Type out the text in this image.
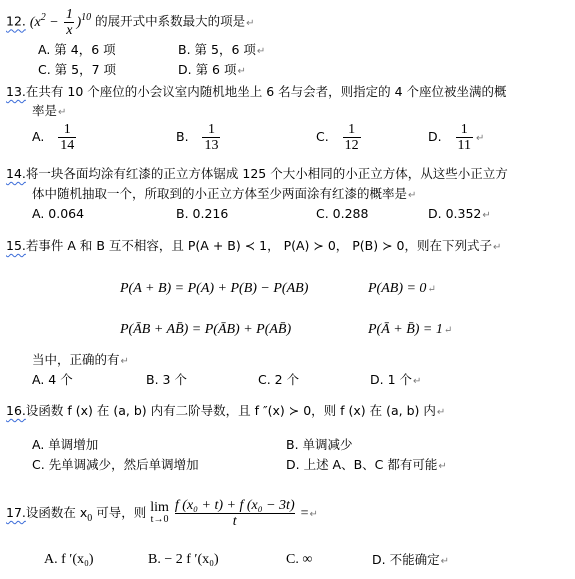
12. $(x^2 - \frac{1}{x} )^{10}$ 的展开式中系数最大的项是↵
A. 第 4，6 项	B. 第 5，6 项↵
C. 第 5，7 项	D. 第 6 项↵
13.在共有 10 个座位的小会议室内随机地坐上 6 名与会者，则指定的 4 个座位被坐满的概
率是↵
A. $\frac{1}{14}$	B. $\frac{1}{13}$	C. $\frac{1}{12}$	D. $\frac{1}{11}$ ↵
14.将一块各面均涂有红漆的正立方体锯成 125 个大小相同的小正立方体，从这些小正立方
体中随机抽取一个，所取到的小正立方体至少两面涂有红漆的概率是↵
A. 0.064	B. 0.216	C. 0.288	D. 0.352↵
15.若事件 A 和 B 互不相容，且 P(A + B) ≺ 1， P(A) ≻ 0， P(B) ≻ 0，则在下列式子↵
P(A + B) = P(A) + P(B) − P(AB)	P(AB) = 0↵
P(ĀB + AB̄) = P(ĀB) + P(AB̄)	P(Ā + B̄) = 1↵
当中，正确的有↵
A. 4 个	B. 3 个	C. 2 个	D. 1 个↵
16.设函数 f (x) 在 (a, b) 内有二阶导数，且 f ″(x) ≻ 0，则 f (x) 在 (a, b) 内↵
A. 单调增加	B. 单调减少
C. 先单调减少，然后单调增加	D. 上述 A、B、C 都有可能↵
17.设函数在 $x_0$ 可导，则 lim
t→0
$\frac{\text{f (x₀ + t) + f (x₀ − 3t)}}{t}$ =↵
A. f ′(x₀)	B. − 2 f ′(x₀)	C. ∞	D. 不能确定↵
